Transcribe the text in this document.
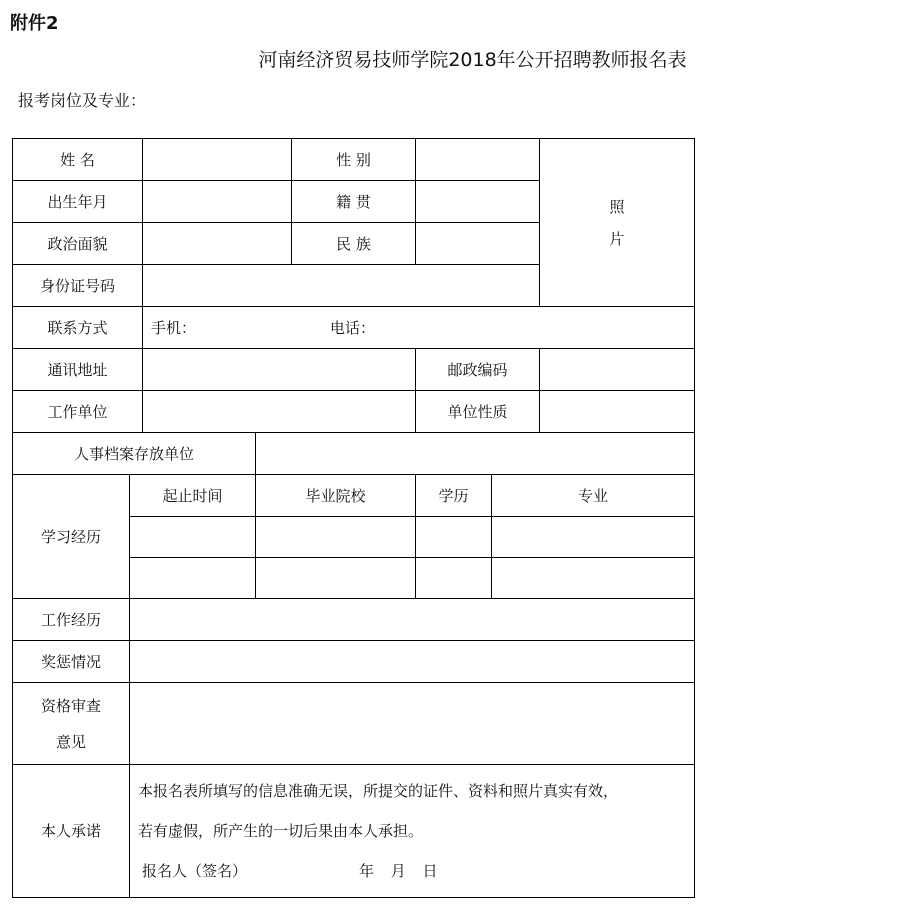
附件2
河南经济贸易技师学院2018年公开招聘教师报名表
报考岗位及专业：
姓 名	性 别
照
片
出生年月	籍 贯
政治面貌	民 族
身份证号码
联系方式	手机：	电话：
通讯地址	邮政编码
工作单位	单位性质
人事档案存放单位
学习经历
起止时间	毕业院校	学历	专业
工作经历
奖惩情况
资格审查
意见
本人承诺
本报名表所填写的信息准确无误，所提交的证件、资料和照片真实有效，
若有虚假，所产生的一切后果由本人承担。
报名人（签名）	年 月 日
